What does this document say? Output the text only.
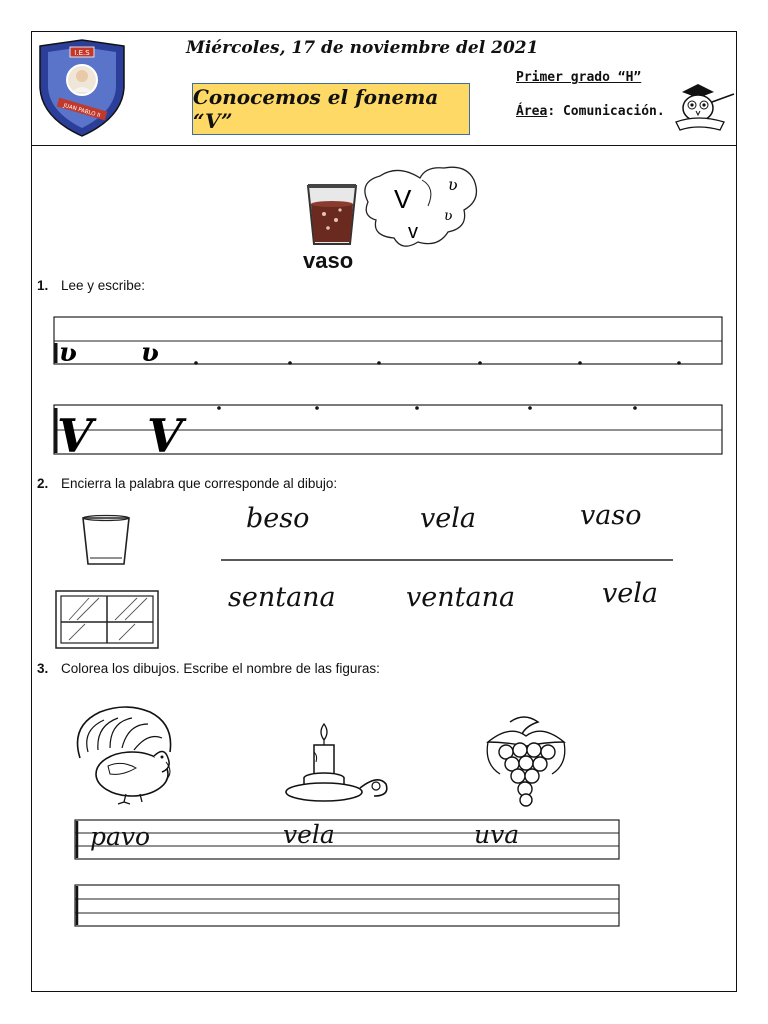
I.E.S
JUAN PABLO II
Miércoles, 17 de noviembre del 2021
Conocemos el fonema “V”
Primer grado “H”
Área: Comunicación.
V
v
ʋ
ʋ
vaso
1. Lee y escribe:
ʋ ʋ
V V
2. Encierra la palabra que corresponde al dibujo:
beso	vela	vaso
sentana	ventana	vela
3. Colorea los dibujos. Escribe el nombre de las figuras:
pavo	vela	uva
